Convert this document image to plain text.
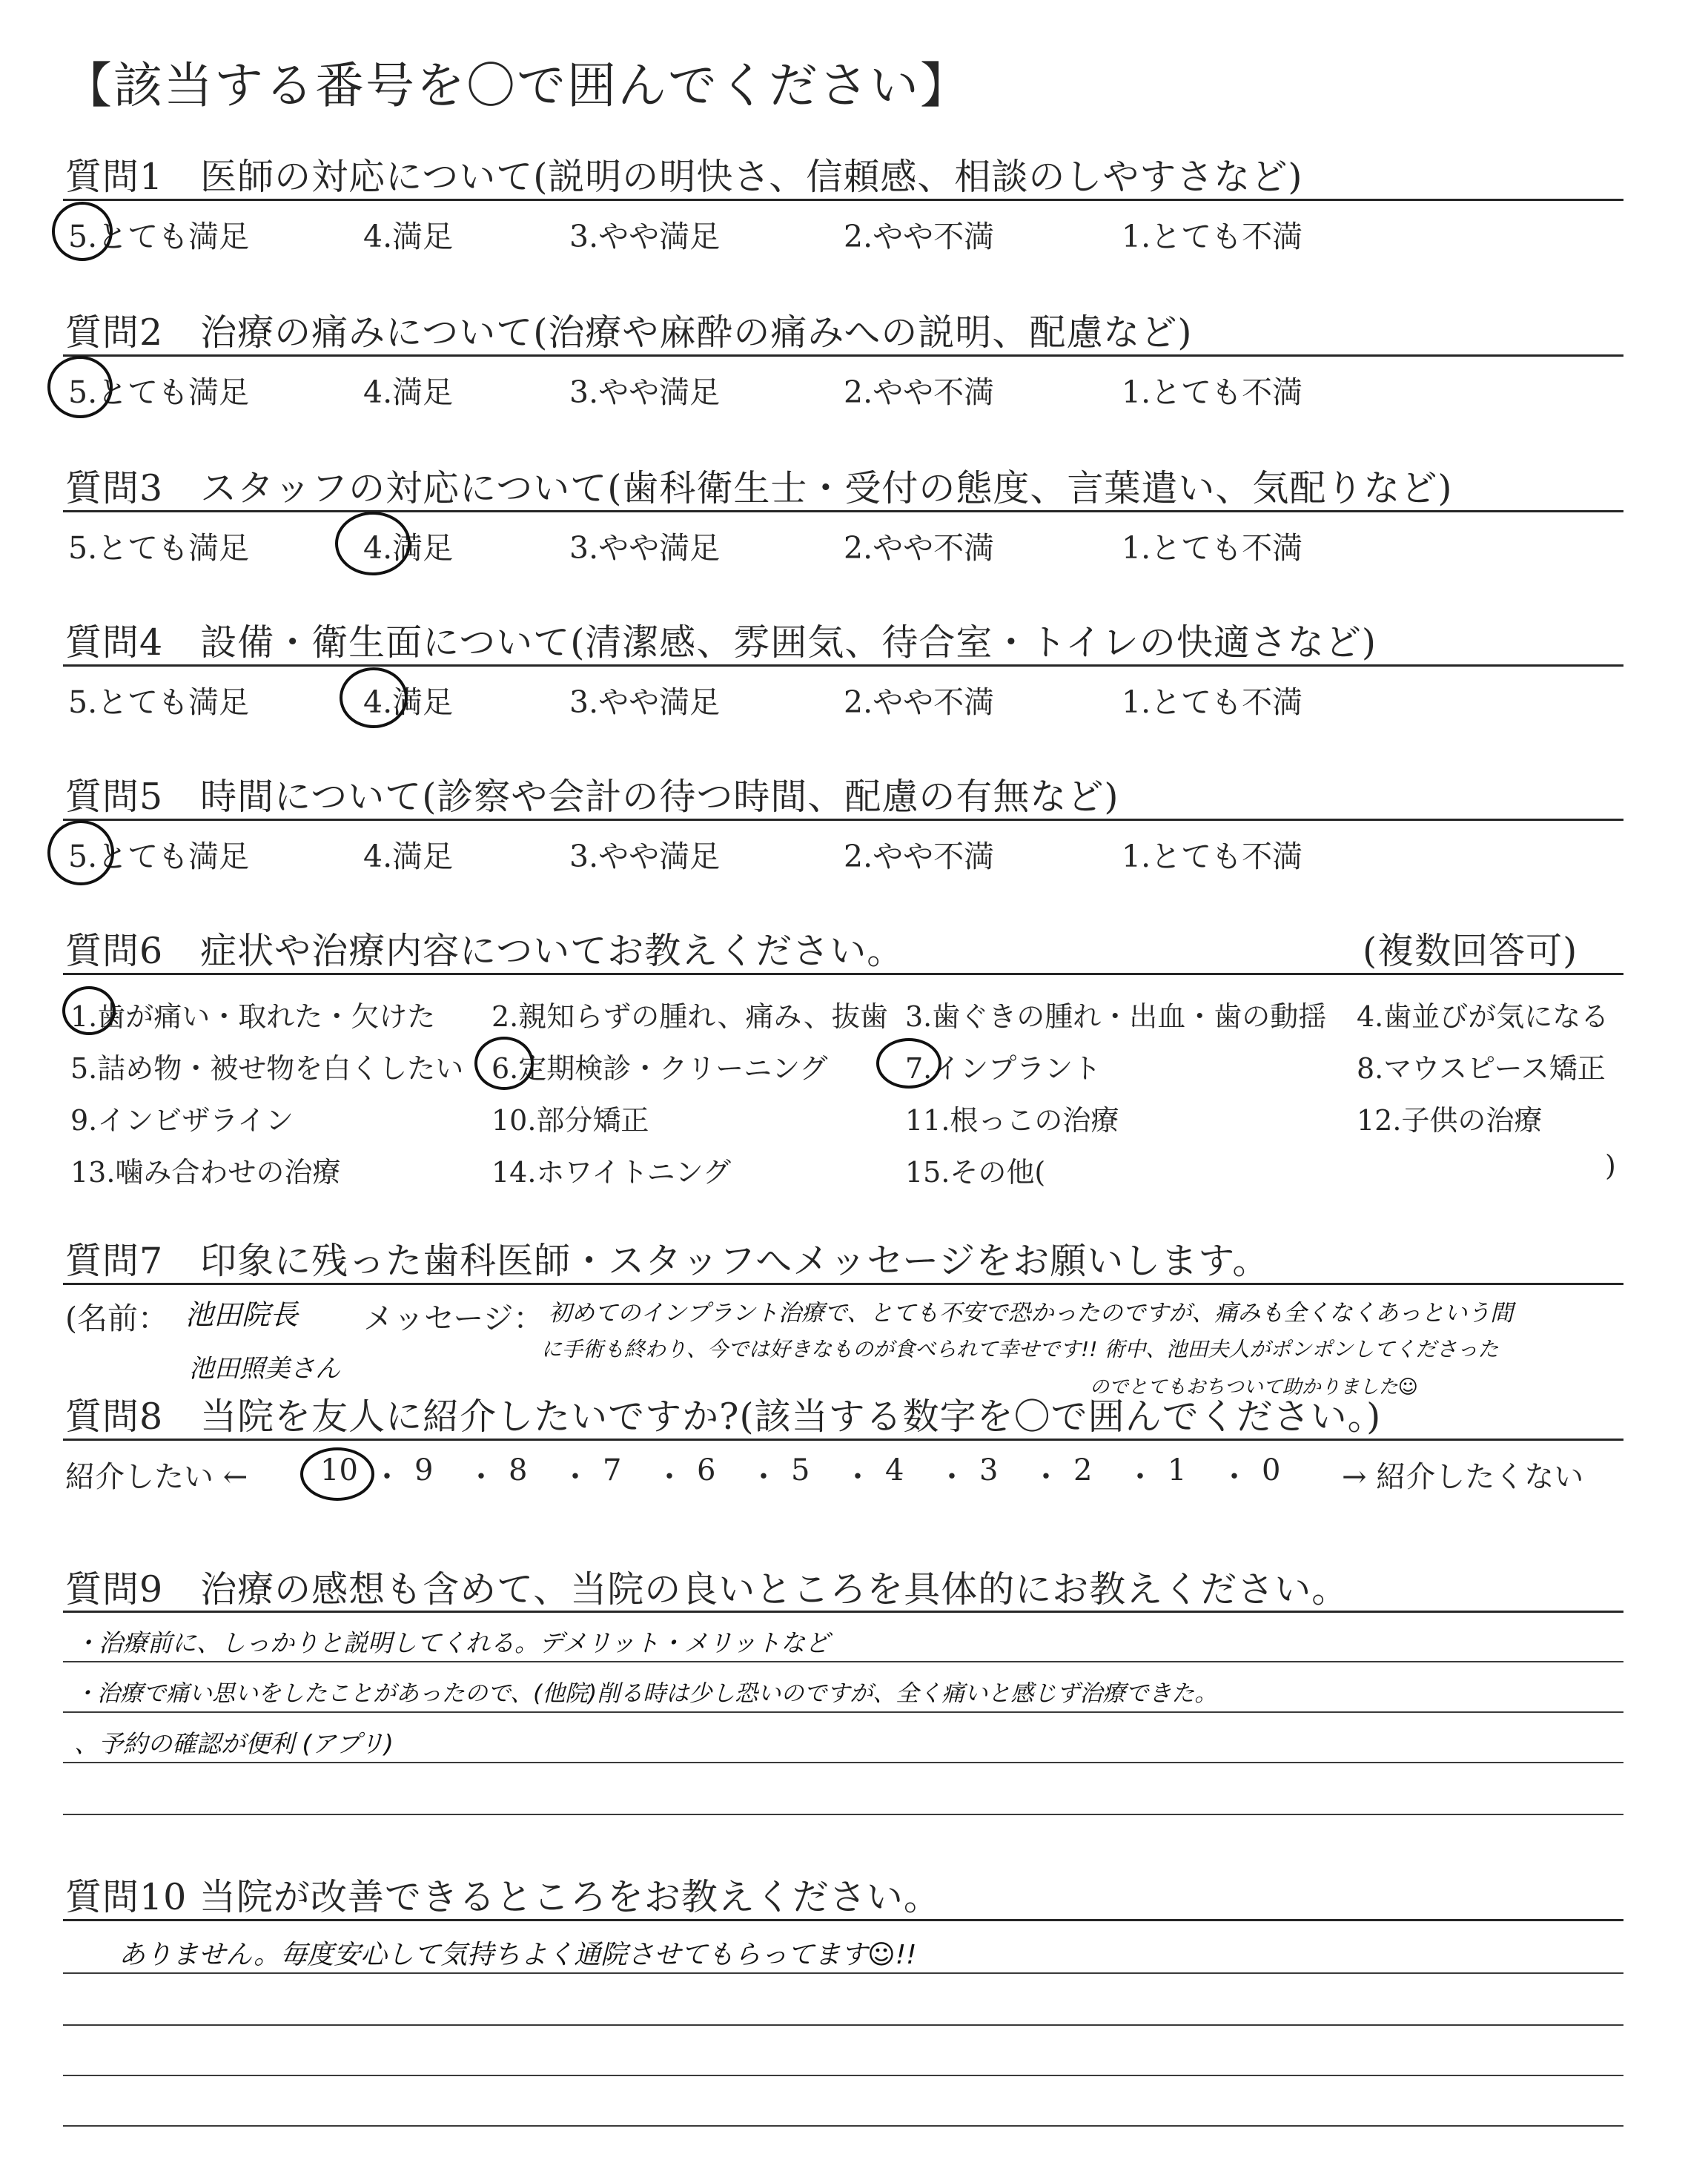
【該当する番号を〇で囲んでください】
質問1　医師の対応について(説明の明快さ、信頼感、相談のしやすさなど)
5.とても満足	4.満足	3.やや満足	2.やや不満	1.とても不満
質問2　治療の痛みについて(治療や麻酔の痛みへの説明、配慮など)
5.とても満足	4.満足	3.やや満足	2.やや不満	1.とても不満
質問3　スタッフの対応について(歯科衛生士・受付の態度、言葉遣い、気配りなど)
5.とても満足	4.満足	3.やや満足	2.やや不満	1.とても不満
質問4　設備・衛生面について(清潔感、雰囲気、待合室・トイレの快適さなど)
5.とても満足	4.満足	3.やや満足	2.やや不満	1.とても不満
質問5　時間について(診察や会計の待つ時間、配慮の有無など)
5.とても満足	4.満足	3.やや満足	2.やや不満	1.とても不満
質問6　症状や治療内容についてお教えください。	(複数回答可)
1.歯が痛い・取れた・欠けた 2.親知らずの腫れ、痛み、抜歯 3.歯ぐきの腫れ・出血・歯の動揺 4.歯並びが気になる
5.詰め物・被せ物を白くしたい 6.定期検診・クリーニング	7.インプラント	8.マウスピース矯正
9.インビザライン	10.部分矯正	11.根っこの治療	12.子供の治療
13.噛み合わせの治療	14.ホワイトニング	15.その他(	)
質問7　印象に残った歯科医師・スタッフへメッセージをお願いします。
(名前： 池田院長
池田照美さん
メッセージ： 初めてのインプラント治療で、とても不安で恐かったのですが、痛みも全くなくあっという間
に手術も終わり、今では好きなものが食べられて幸せです!! 術中、池田夫人がポンポンしてくださった
のでとてもおちついて助かりました☺
質問8　当院を友人に紹介したいですか?(該当する数字を〇で囲んでください。)
紹介したい ←	→ 紹介したくない
10 ・ 9 ・ 8 ・ 7 ・ 6 ・ 5 ・ 4 ・ 3 ・ 2 ・ 1 ・ 0
質問9　治療の感想も含めて、当院の良いところを具体的にお教えください。
・治療前に、しっかりと説明してくれる。デメリット・メリットなど
・治療で痛い思いをしたことがあったので、(他院)削る時は少し恐いのですが、全く痛いと感じず治療できた。
、予約の確認が便利 (アプリ)
質問10 当院が改善できるところをお教えください。
ありません。毎度安心して気持ちよく通院させてもらってます☺!!
